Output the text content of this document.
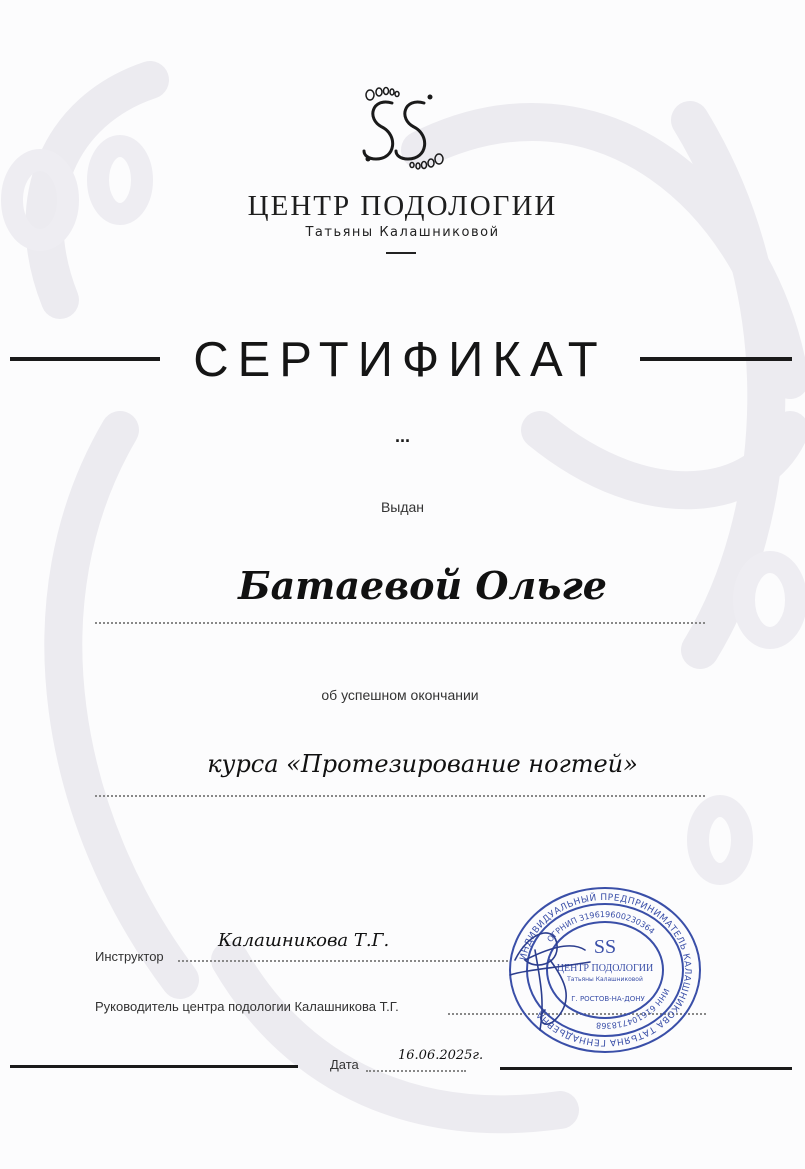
ЦЕНТР ПОДОЛОГИИ
Татьяны Калашниковой
СЕРТИФИКАТ
...
Выдан
Батаевой Ольге
об успешном окончании
курса «Протезирование ногтей»
Инструктор
Калашникова Т.Г.
Руководитель центра подологии Калашникова Т.Г.
Дата
16.06.2025г.
ИНДИВИДУАЛЬНЫЙ ПРЕДПРИНИМАТЕЛЬ КАЛАШНИКОВА ТАТЬЯНА ГЕННАДЬЕВНА
ОГРНИП 319619600230364
ИНН 616104718368
SS
ЦЕНТР ПОДОЛОГИИ
Татьяны Калашниковой
Г. РОСТОВ-НА-ДОНУ
